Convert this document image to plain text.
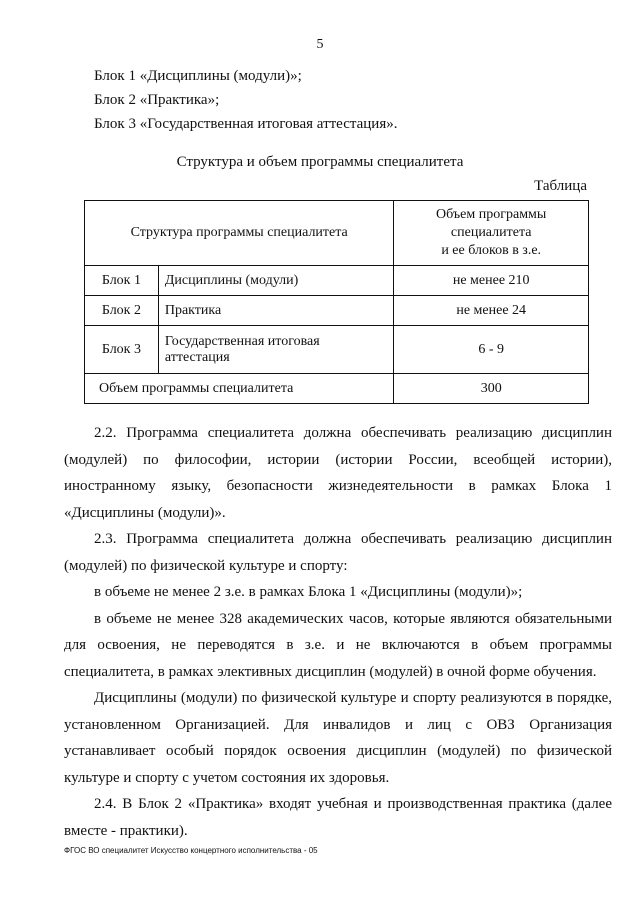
5
Блок 1 «Дисциплины (модули)»;
Блок 2 «Практика»;
Блок 3 «Государственная итоговая аттестация».
Структура и объем программы специалитета
Таблица
Структура программы специалитета		Объем программы
специалитета
и ее блоков в з.е.

Блок 1	Дисциплины (модули)	не менее 210
Блок 2	Практика	не менее 24
Блок 3	Государственная итоговая аттестация	6 - 9
Объем программы специалитета		300

2.2. Программа специалитета должна обеспечивать реализацию дисциплин (модулей) по философии, истории (истории России, всеобщей истории), иностранному языку, безопасности жизнедеятельности в рамках Блока 1 «Дисциплины (модули)».

2.3. Программа специалитета должна обеспечивать реализацию дисциплин (модулей) по физической культуре и спорту:

в объеме не менее 2 з.е. в рамках Блока 1 «Дисциплины (модули)»;

в объеме не менее 328 академических часов, которые являются обязательными для освоения, не переводятся в з.е. и не включаются в объем программы специалитета, в рамках элективных дисциплин (модулей) в очной форме обучения.

Дисциплины (модули) по физической культуре и спорту реализуются в порядке, установленном Организацией. Для инвалидов и лиц с ОВЗ Организация устанавливает особый порядок освоения дисциплин (модулей) по физической культуре и спорту с учетом состояния их здоровья.

2.4. В Блок 2 «Практика» входят учебная и производственная практика (далее вместе - практики).

ФГОС ВО специалитет Искусство концертного исполнительства - 05
